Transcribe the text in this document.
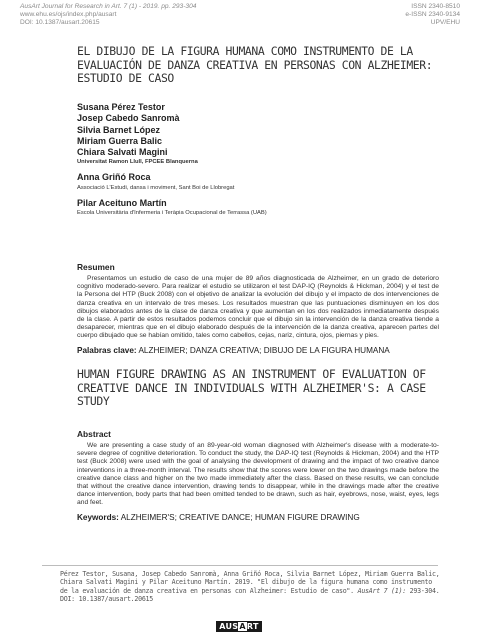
AusArt Journal for Research in Art. 7 (1) - 2019. pp. 293-304
www.ehu.es/ojs/index.php/ausart
DOI: 10.1387/ausart.20615
ISSN 2340-8510
e-ISSN 2340-9134
UPV/EHU
EL DIBUJO DE LA FIGURA HUMANA COMO INSTRUMENTO DE LA EVALUACIÓN DE DANZA CREATIVA EN PERSONAS CON ALZHEIMER: ESTUDIO DE CASO
Susana Pérez Testor
Josep Cabedo Sanromà
Silvia Barnet López
Miriam Guerra Balic
Chiara Salvati Magini
Universitat Ramon Llull, FPCEE Blanquerna
Anna Griñó Roca
Associació L'Estudi, dansa i moviment, Sant Boi de Llobregat
Pilar Aceituno Martín
Escola Universitària d'Infermeria i Teràpia Ocupacional de Terrassa (UAB)
Resumen
Presentamos un estudio de caso de una mujer de 89 años diagnosticada de Alzheimer, en un grado de deterioro cognitivo moderado-severo. Para realizar el estudio se utilizaron el test DAP-IQ (Reynolds & Hickman, 2004) y el test de la Persona del HTP (Buck 2008) con el objetivo de analizar la evolución del dibujo y el impacto de dos intervenciones de danza creativa en un intervalo de tres meses. Los resultados muestran que las puntuaciones disminuyen en los dos dibujos elaborados antes de la clase de danza creativa y que aumentan en los dos realizados inmediatamente después de la clase. A partir de estos resultados podemos concluir que el dibujo sin la intervención de la danza creativa tiende a desaparecer, mientras que en el dibujo elaborado después de la intervención de la danza creativa, aparecen partes del cuerpo dibujado que se habían omitido, tales como cabellos, cejas, nariz, cintura, ojos, piernas y pies.
Palabras clave: ALZHEIMER; DANZA CREATIVA; DIBUJO DE LA FIGURA HUMANA
HUMAN FIGURE DRAWING AS AN INSTRUMENT OF EVALUATION OF CREATIVE DANCE IN INDIVIDUALS WITH ALZHEIMER'S: A CASE STUDY
Abstract
We are presenting a case study of an 89-year-old woman diagnosed with Alzheimer's disease with a moderate-to-severe degree of cognitive deterioration. To conduct the study, the DAP-IQ test (Reynolds & Hickman, 2004) and the HTP test (Buck 2008) were used with the goal of analysing the development of drawing and the impact of two creative dance interventions in a three-month interval. The results show that the scores were lower on the two drawings made before the creative dance class and higher on the two made immediately after the class. Based on these results, we can conclude that without the creative dance intervention, drawing tends to disappear, while in the drawings made after the creative dance intervention, body parts that had been omitted tended to be drawn, such as hair, eyebrows, nose, waist, eyes, legs and feet.
Keywords: ALZHEIMER'S; CREATIVE DANCE; HUMAN FIGURE DRAWING
Pérez Testor, Susana, Josep Cabedo Sanromà, Anna Griñó Roca, Silvia Barnet López, Miriam Guerra Balic, Chiara Salvati Magini y Pilar Aceituno Martín. 2019. "El dibujo de la figura humana como instrumento de la evaluación de danza creativa en personas con Alzheimer: Estudio de caso". AusArt 7 (1): 293-304. DOI: 10.1387/ausart.20615
AUSART
